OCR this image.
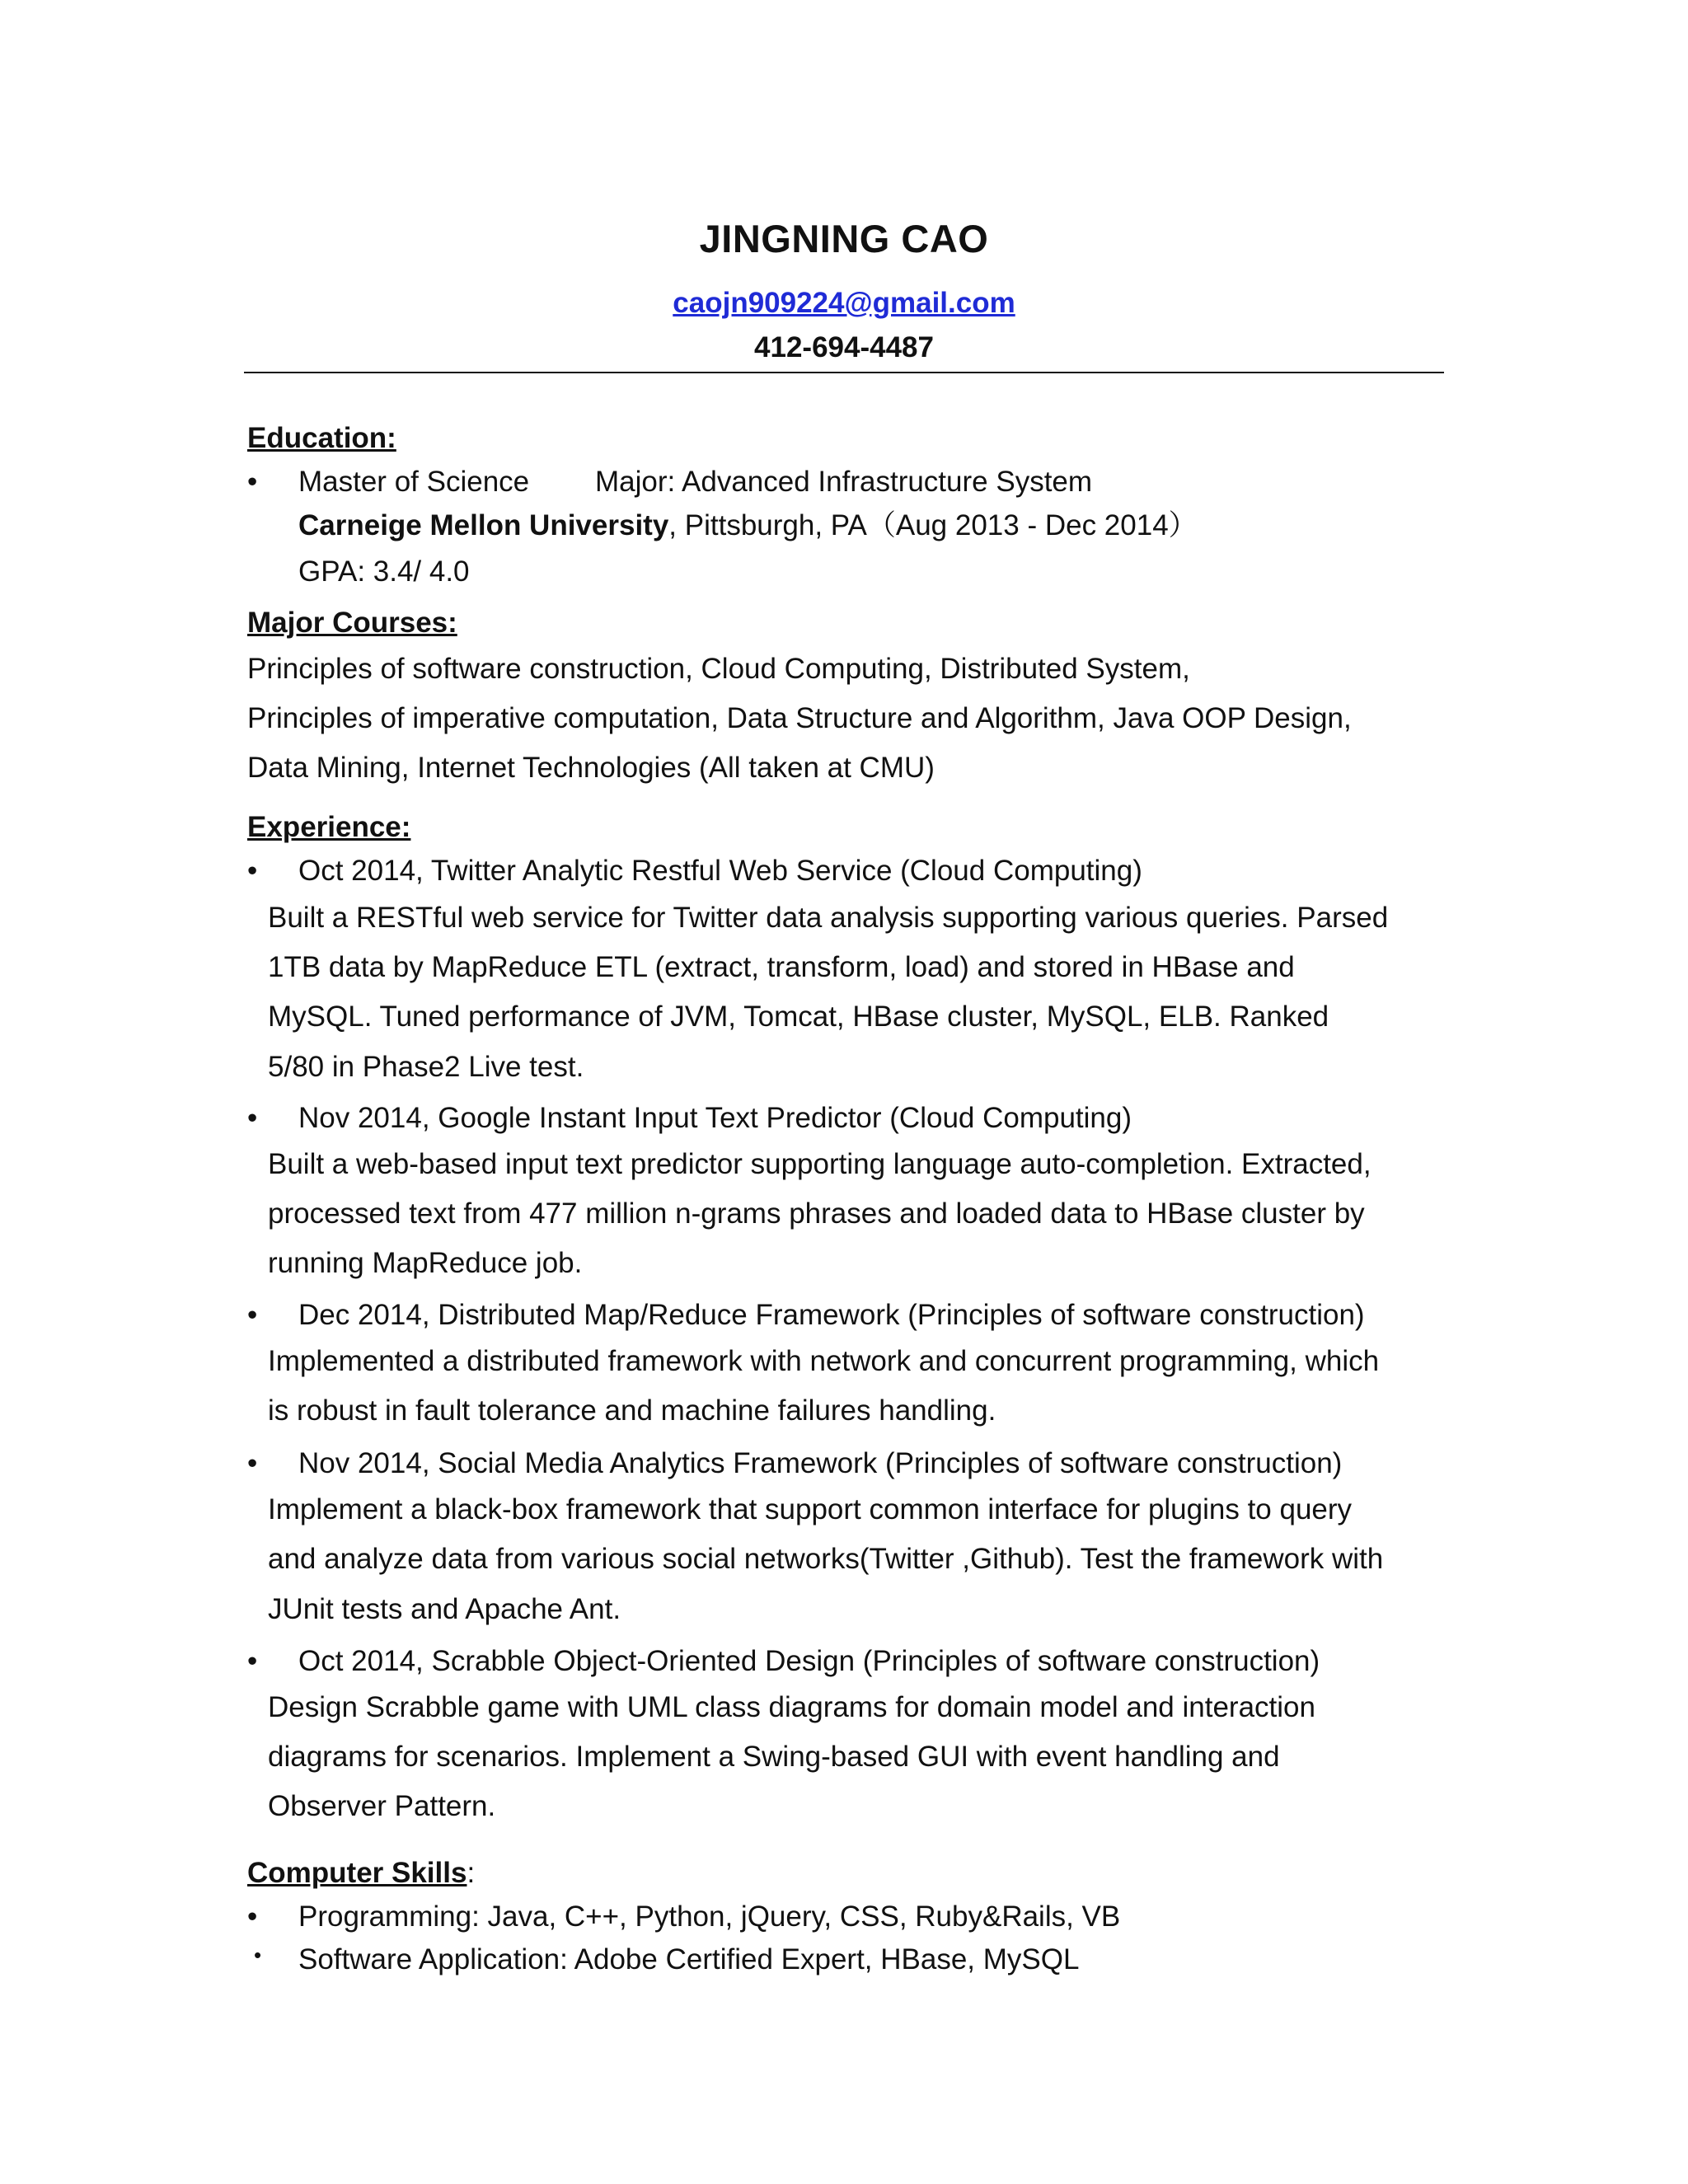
JINGNING CAO
caojn909224@gmail.com
412-694-4487
Education:
• Master of Science Major: Advanced Infrastructure System
Carneige Mellon University, Pittsburgh, PA（Aug 2013 - Dec 2014）
GPA: 3.4/ 4.0
Major Courses:
Principles of software construction, Cloud Computing, Distributed System,
Principles of imperative computation, Data Structure and Algorithm, Java OOP Design,
Data Mining, Internet Technologies (All taken at CMU)
Experience:
• Oct 2014, Twitter Analytic Restful Web Service (Cloud Computing)
Built a RESTful web service for Twitter data analysis supporting various queries. Parsed
1TB data by MapReduce ETL (extract, transform, load) and stored in HBase and
MySQL. Tuned performance of JVM, Tomcat, HBase cluster, MySQL, ELB. Ranked
5/80 in Phase2 Live test.
• Nov 2014, Google Instant Input Text Predictor (Cloud Computing)
Built a web-based input text predictor supporting language auto-completion. Extracted,
processed text from 477 million n-grams phrases and loaded data to HBase cluster by
running MapReduce job.
• Dec 2014, Distributed Map/Reduce Framework (Principles of software construction)
Implemented a distributed framework with network and concurrent programming, which
is robust in fault tolerance and machine failures handling.
• Nov 2014, Social Media Analytics Framework (Principles of software construction)
Implement a black-box framework that support common interface for plugins to query
and analyze data from various social networks(Twitter ,Github). Test the framework with
JUnit tests and Apache Ant.
• Oct 2014, Scrabble Object-Oriented Design (Principles of software construction)
Design Scrabble game with UML class diagrams for domain model and interaction
diagrams for scenarios. Implement a Swing-based GUI with event handling and
Observer Pattern.
Computer Skills:
• Programming: Java, C++, Python, jQuery, CSS, Ruby&Rails, VB
• Software Application: Adobe Certified Expert, HBase, MySQL
